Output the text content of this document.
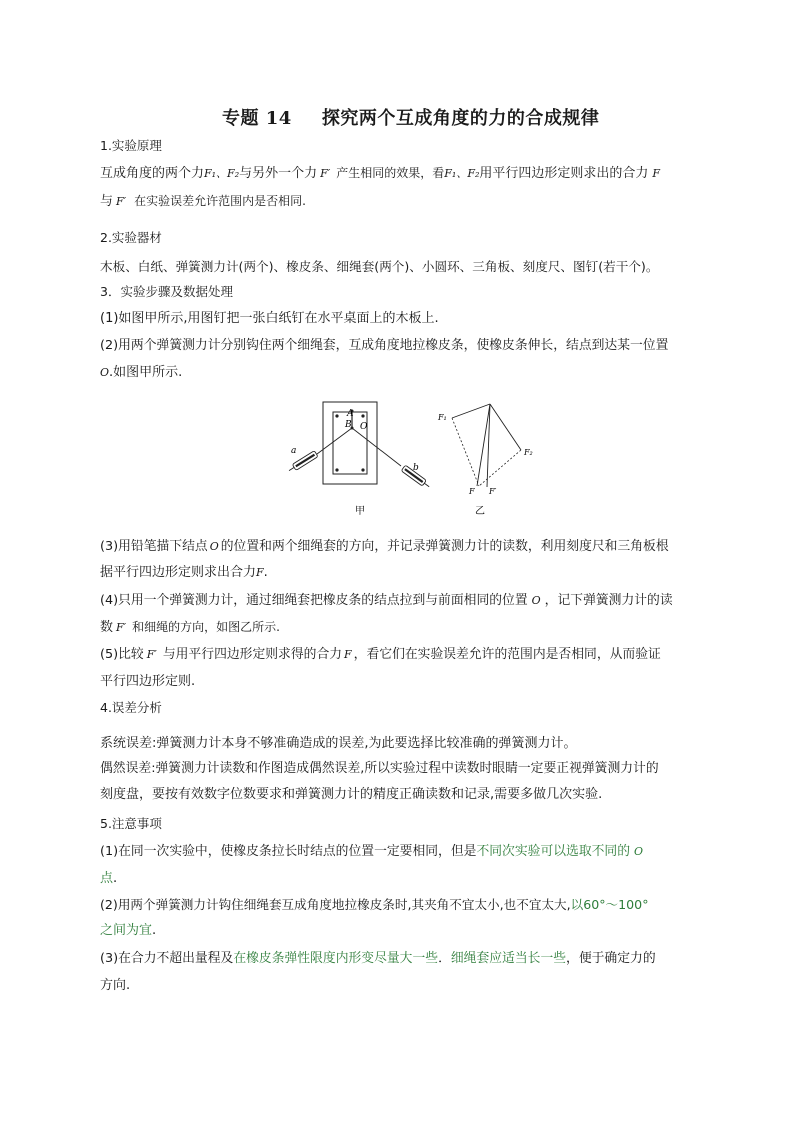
专题 14 探究两个互成角度的力的合成规律
1.实验原理
互成角度的两个力F₁、F₂与另外一个力 F′ 产生相同的效果，看F₁、F₂用平行四边形定则求出的合力 F
与 F′ 在实验误差允许范围内是否相同.
2.实验器材
木板、白纸、弹簧测力计(两个)、橡皮条、细绳套(两个)、小圆环、三角板、刻度尺、图钉(若干个)。
3．实验步骤及数据处理
(1)如图甲所示,用图钉把一张白纸钉在水平桌面上的木板上.
(2)用两个弹簧测力计分别钩住两个细绳套，互成角度地拉橡皮条，使橡皮条伸长，结点到达某一位置
O.如图甲所示.
A
B O
a
b
甲
F₁
F₂
F F′
乙
(3)用铅笔描下结点 O 的位置和两个细绳套的方向，并记录弹簧测力计的读数，利用刻度尺和三角板根
据平行四边形定则求出合力F.
(4)只用一个弹簧测力计，通过细绳套把橡皮条的结点拉到与前面相同的位置 O ，记下弹簧测力计的读
数 F′ 和细绳的方向，如图乙所示.
(5)比较 F′ 与用平行四边形定则求得的合力 F ，看它们在实验误差允许的范围内是否相同，从而验证
平行四边形定则.
4.误差分析
系统误差:弹簧测力计本身不够准确造成的误差,为此要选择比较准确的弹簧测力计。
偶然误差:弹簧测力计读数和作图造成偶然误差,所以实验过程中读数时眼睛一定要正视弹簧测力计的
刻度盘，要按有效数字位数要求和弹簧测力计的精度正确读数和记录,需要多做几次实验.
5.注意事项
(1)在同一次实验中，使橡皮条拉长时结点的位置一定要相同，但是不同次实验可以选取不同的 O
点.
(2)用两个弹簧测力计钩住细绳套互成角度地拉橡皮条时,其夹角不宜太小,也不宜太大,以60°～100°
之间为宜.
(3)在合力不超出量程及在橡皮条弹性限度内形变尽量大一些．细绳套应适当长一些，便于确定力的
方向.
